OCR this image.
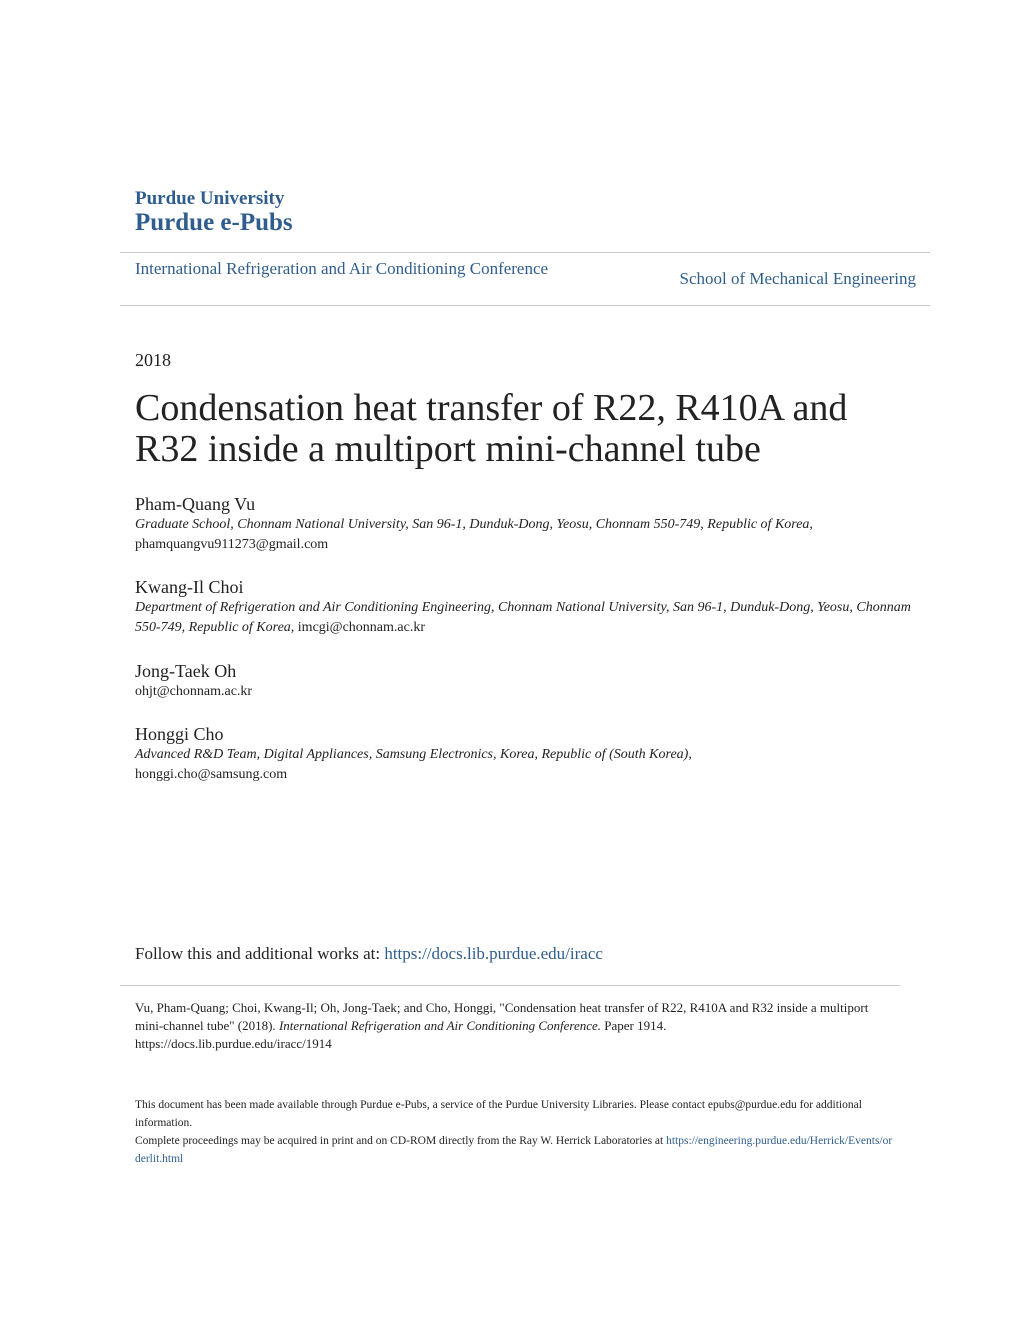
Purdue University
Purdue e-Pubs
International Refrigeration and Air Conditioning Conference
School of Mechanical Engineering
2018
Condensation heat transfer of R22, R410A and R32 inside a multiport mini-channel tube
Pham-Quang Vu
Graduate School, Chonnam National University, San 96-1, Dunduk-Dong, Yeosu, Chonnam 550-749, Republic of Korea,
phamquangvu911273@gmail.com
Kwang-Il Choi
Department of Refrigeration and Air Conditioning Engineering, Chonnam National University, San 96-1, Dunduk-Dong, Yeosu, Chonnam 550-749, Republic of Korea, imcgi@chonnam.ac.kr
Jong-Taek Oh
ohjt@chonnam.ac.kr
Honggi Cho
Advanced R&D Team, Digital Appliances, Samsung Electronics, Korea, Republic of (South Korea),
honggi.cho@samsung.com
Follow this and additional works at: https://docs.lib.purdue.edu/iracc
Vu, Pham-Quang; Choi, Kwang-Il; Oh, Jong-Taek; and Cho, Honggi, "Condensation heat transfer of R22, R410A and R32 inside a multiport mini-channel tube" (2018). International Refrigeration and Air Conditioning Conference. Paper 1914.
https://docs.lib.purdue.edu/iracc/1914
This document has been made available through Purdue e-Pubs, a service of the Purdue University Libraries. Please contact epubs@purdue.edu for additional information.
Complete proceedings may be acquired in print and on CD-ROM directly from the Ray W. Herrick Laboratories at https://engineering.purdue.edu/Herrick/Events/orderlit.html
